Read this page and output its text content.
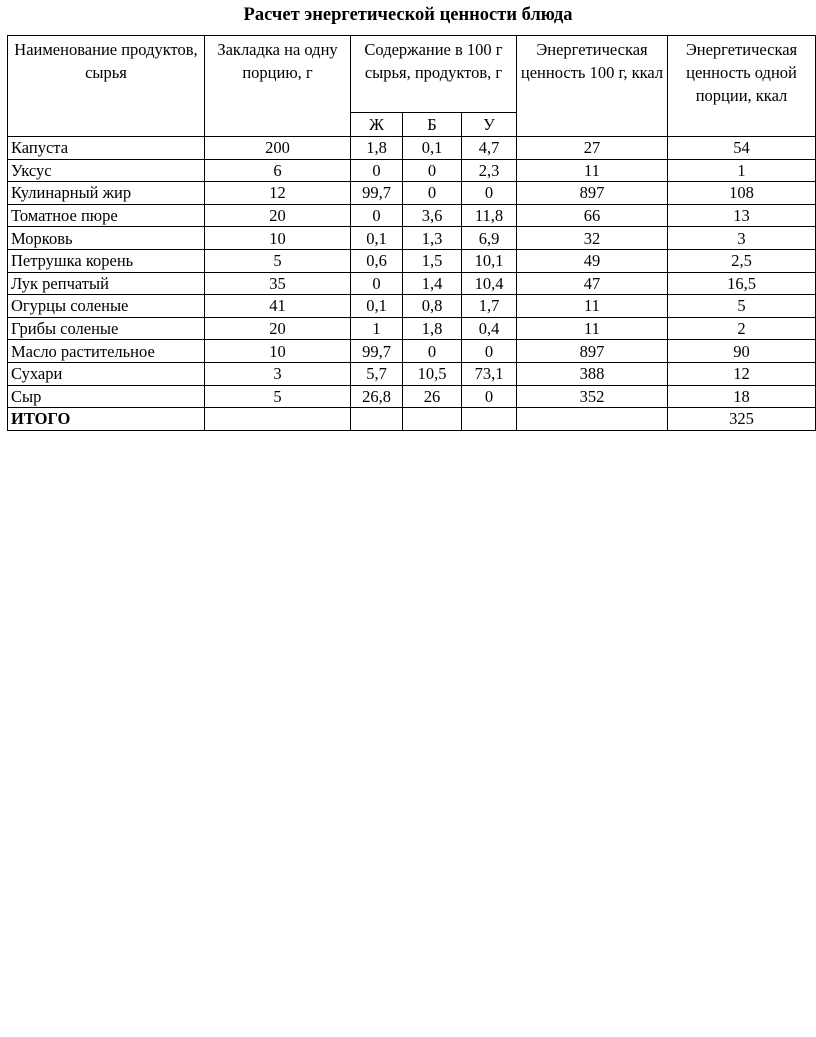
Расчет энергетической ценности блюда
Наименование продуктов, сырья	Закладка на одну порцию, г	Содержание в 100 г сырья, продуктов, г			Энергетическая ценность 100 г, ккал	Энергетическая ценность одной порции, ккал
		Ж	Б	У		
Капуста	200	1,8	0,1	4,7	27	54
Уксус	6	0	0	2,3	11	1
Кулинарный жир	12	99,7	0	0	897	108
Томатное пюре	20	0	3,6	11,8	66	13
Морковь	10	0,1	1,3	6,9	32	3
Петрушка корень	5	0,6	1,5	10,1	49	2,5
Лук репчатый	35	0	1,4	10,4	47	16,5
Огурцы соленые	41	0,1	0,8	1,7	11	5
Грибы соленые	20	1	1,8	0,4	11	2
Масло растительное	10	99,7	0	0	897	90
Сухари	3	5,7	10,5	73,1	388	12
Сыр	5	26,8	26	0	352	18
ИТОГО						325
